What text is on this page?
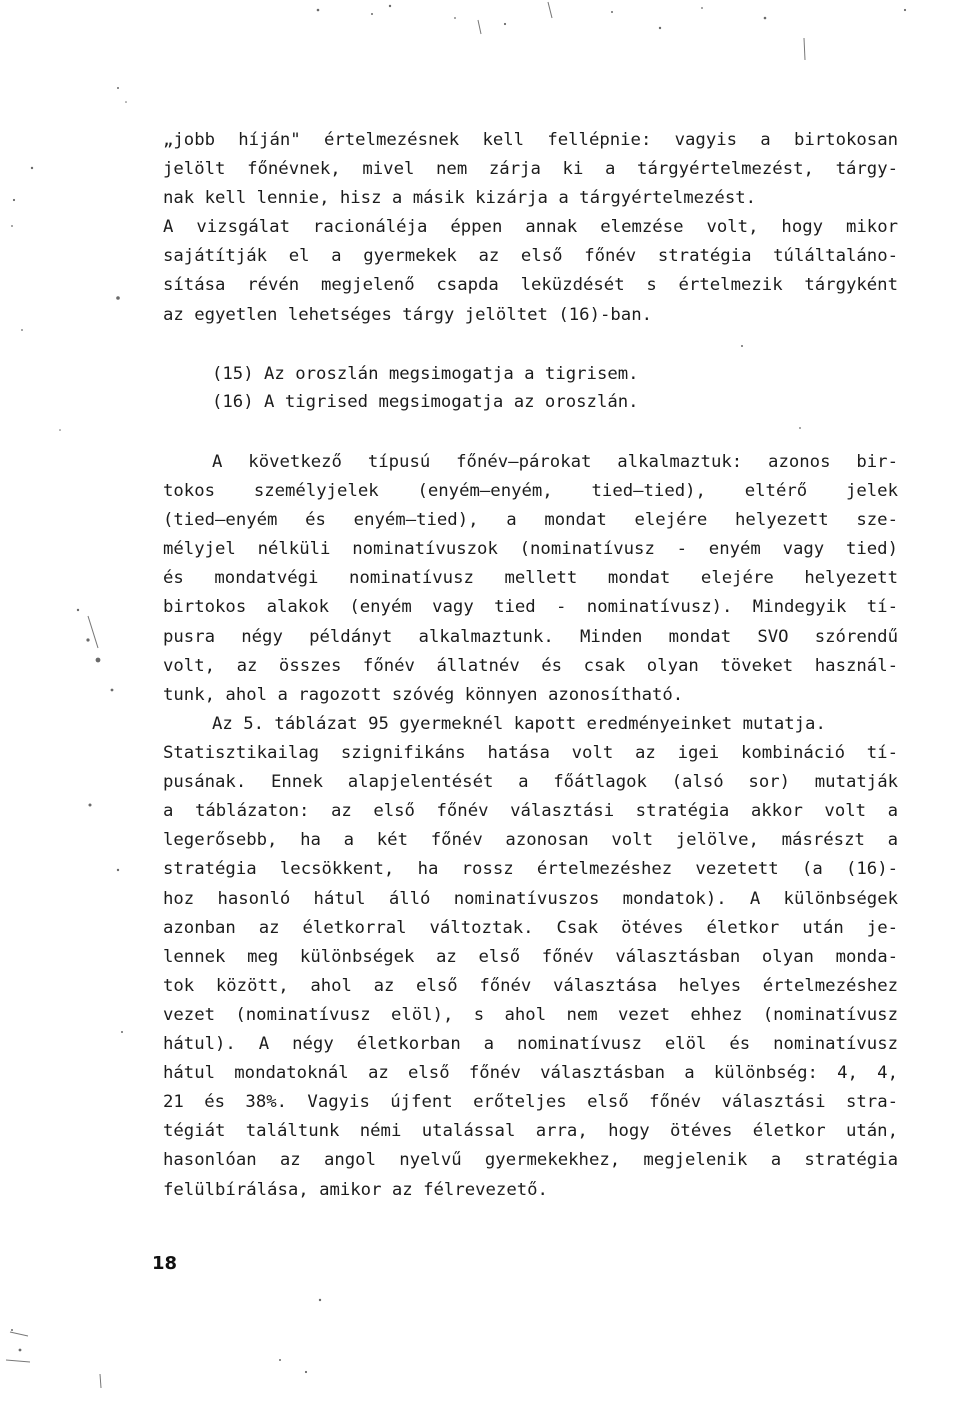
„jobb híján" értelmezésnek kell fellépnie: vagyis a birtokosan
jelölt főnévnek, mivel nem zárja ki a tárgyértelmezést, tárgy-
nak kell lennie, hisz a másik kizárja a tárgyértelmezést.
A vizsgálat racionáléja éppen annak elemzése volt, hogy mikor
sajátítják el a gyermekek az első főnév stratégia túláltaláno-
sítása révén megjelenő csapda leküzdését s értelmezik tárgyként
az egyetlen lehetséges tárgy jelöltet (16)-ban.
(15) Az oroszlán megsimogatja a tigrisem.
(16) A tigrised megsimogatja az oroszlán.
A következő típusú főnév—párokat alkalmaztuk: azonos bir-
tokos személyjelek (enyém—enyém, tied—tied), eltérő jelek
(tied—enyém és enyém—tied), a mondat elejére helyezett sze-
mélyjel nélküli nominatívuszok (nominatívusz - enyém vagy tied)
és mondatvégi nominatívusz mellett mondat elejére helyezett
birtokos alakok (enyém vagy tied - nominatívusz). Mindegyik tí-
pusra négy példányt alkalmaztunk. Minden mondat SVO szórendű
volt, az összes főnév állatnév és csak olyan töveket használ-
tunk, ahol a ragozott szóvég könnyen azonosítható.
Az 5. táblázat 95 gyermeknél kapott eredményeinket mutatja.
Statisztikailag szignifikáns hatása volt az igei kombináció tí-
pusának. Ennek alapjelentését a főátlagok (alsó sor) mutatják
a táblázaton: az első főnév választási stratégia akkor volt a
legerősebb, ha a két főnév azonosan volt jelölve, másrészt a
stratégia lecsökkent, ha rossz értelmezéshez vezetett (a (16)-
hoz hasonló hátul álló nominatívuszos mondatok). A különbségek
azonban az életkorral változtak. Csak ötéves életkor után je-
lennek meg különbségek az első főnév választásban olyan monda-
tok között, ahol az első főnév választása helyes értelmezéshez
vezet (nominatívusz elöl), s ahol nem vezet ehhez (nominatívusz
hátul). A négy életkorban a nominatívusz elöl és nominatívusz
hátul mondatoknál az első főnév választásban a különbség: 4, 4,
21 és 38%. Vagyis újfent erőteljes első főnév választási stra-
tégiát találtunk némi utalással arra, hogy ötéves életkor után,
hasonlóan az angol nyelvű gyermekekhez, megjelenik a stratégia
felülbírálása, amikor az félrevezető.
18
